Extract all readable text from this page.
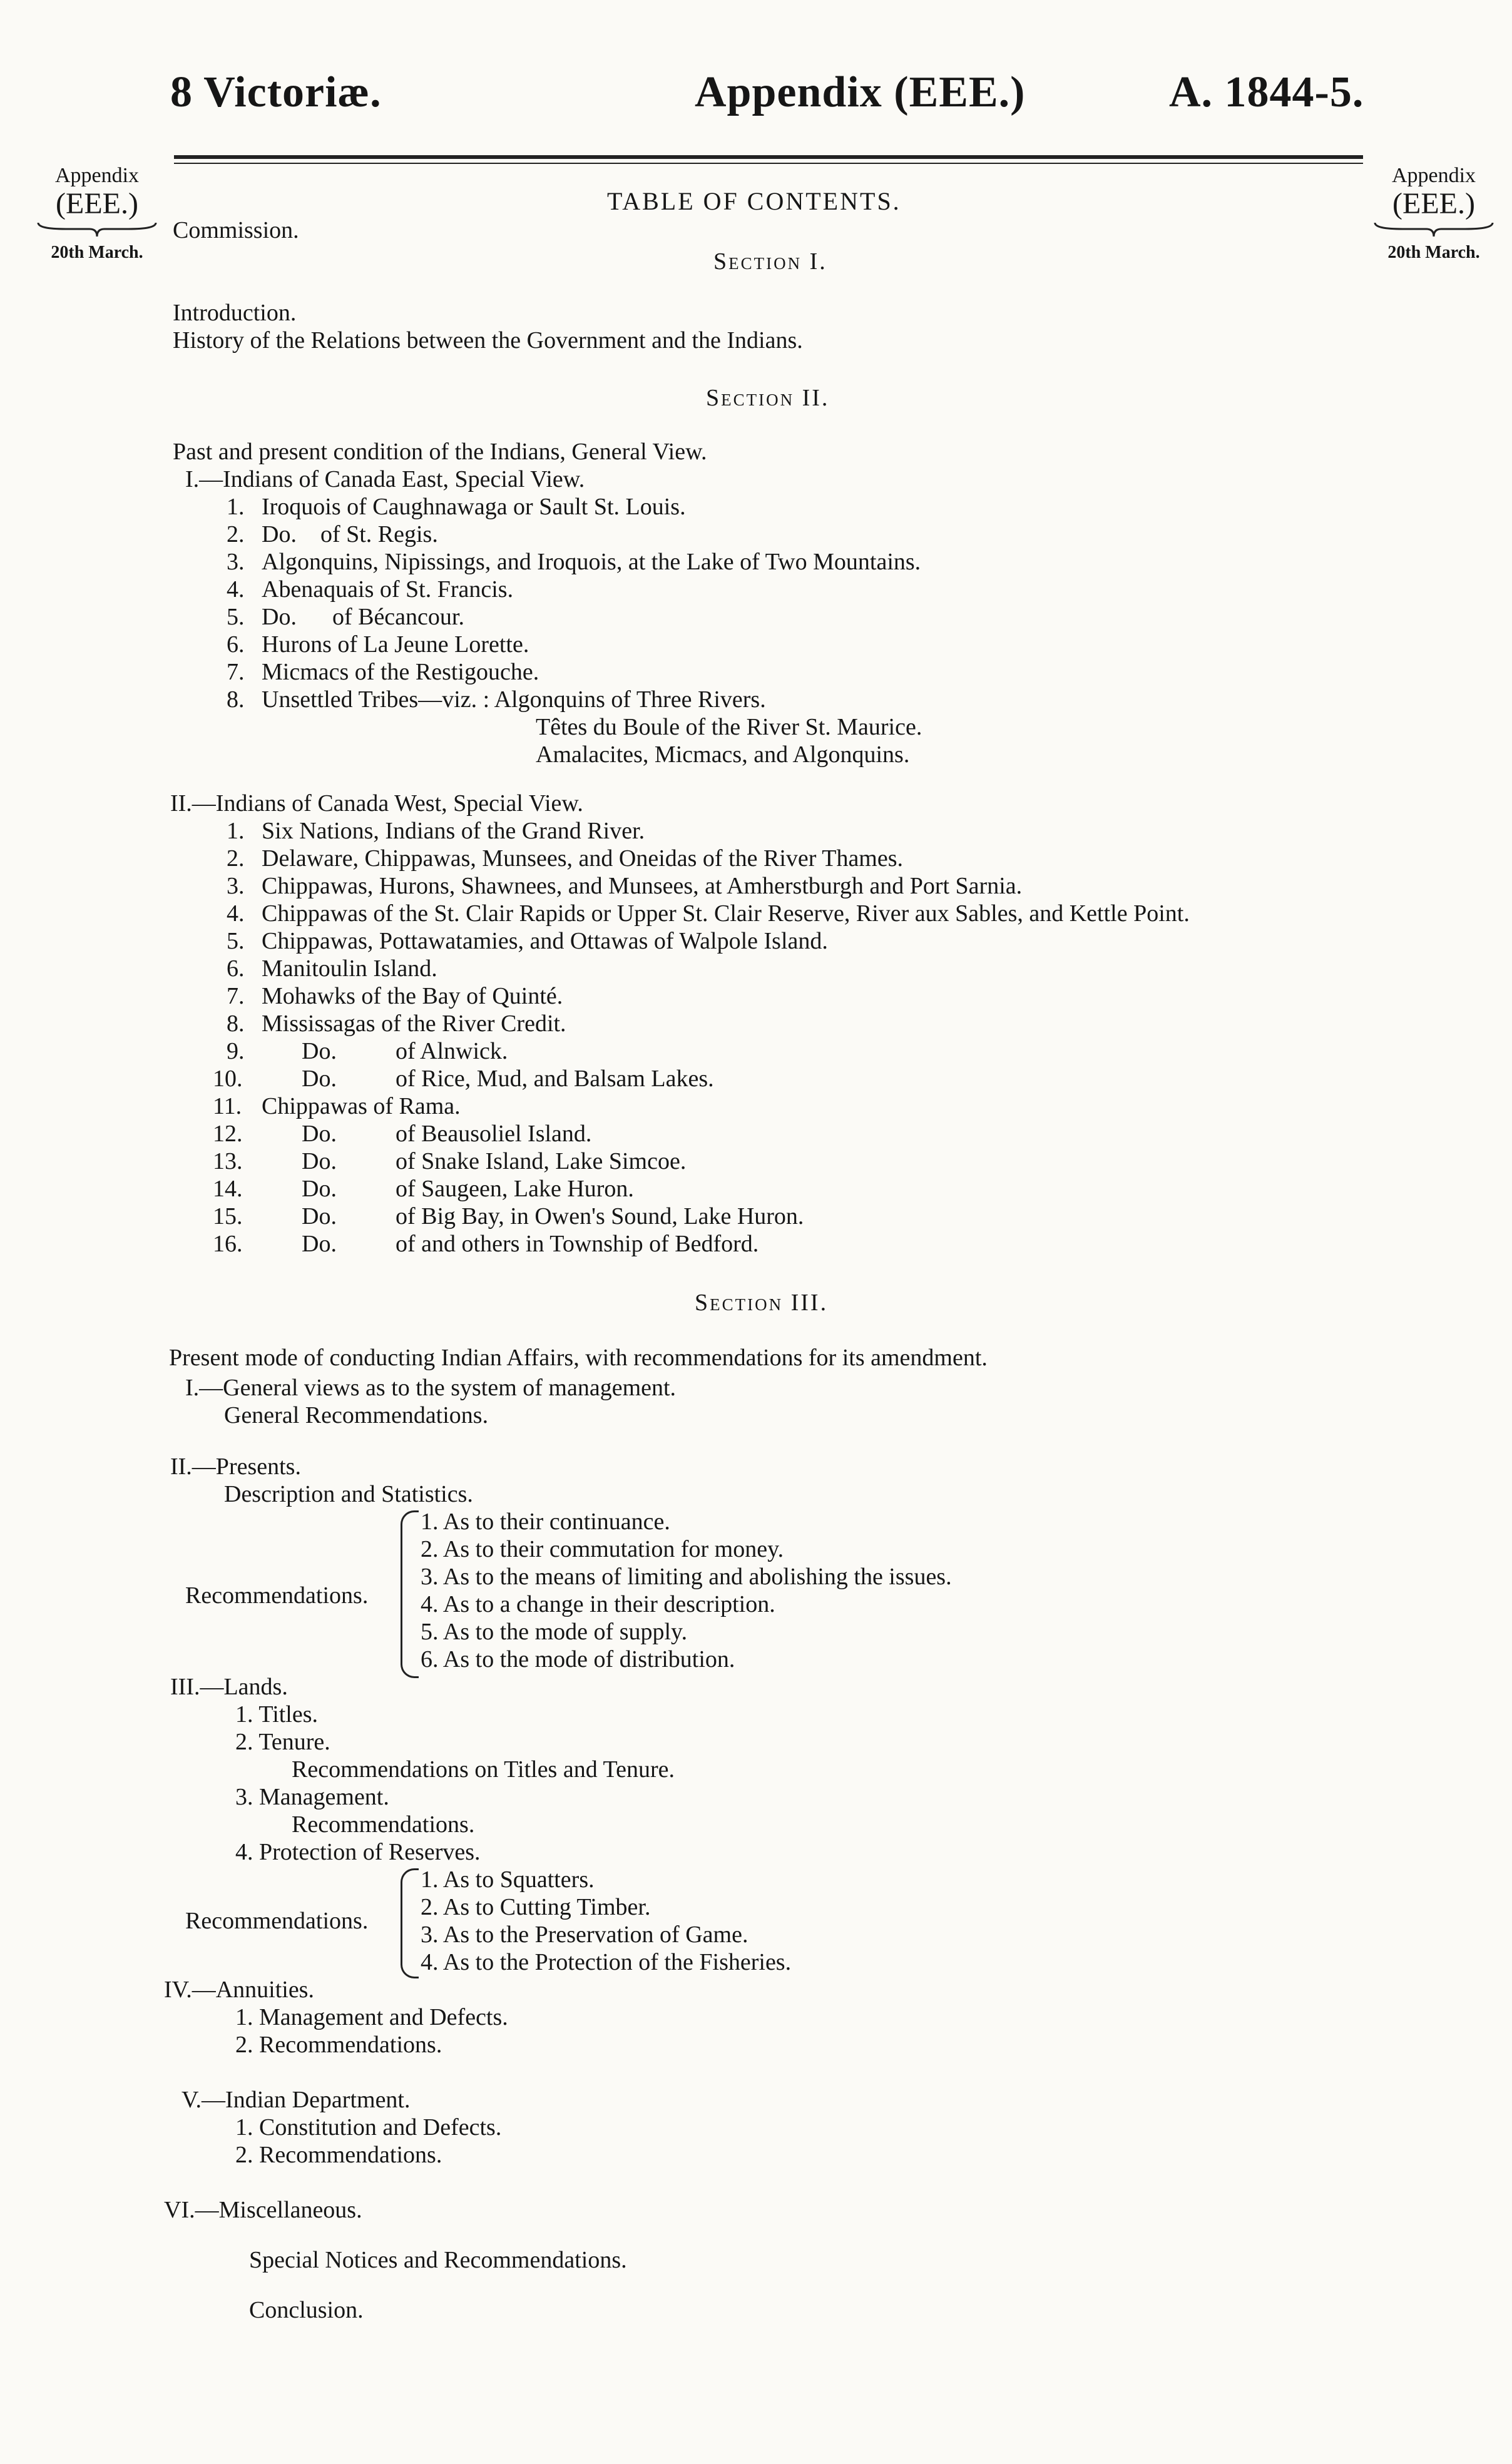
8 Victoriæ.	Appendix (EEE.)	A. 1844-5.
Appendix
(EEE.)
20th March.
Appendix
(EEE.)
20th March.
TABLE OF CONTENTS.
Commission.
Section I.
Introduction.
History of the Relations between the Government and the Indians.
Section II.
Past and present condition of the Indians, General View.
I.—Indians of Canada East, Special View.
1. Iroquois of Caughnawaga or Sault St. Louis.
2. Do.    of St. Regis.
3. Algonquins, Nipissings, and Iroquois, at the Lake of Two Mountains.
4. Abenaquais of St. Francis.
5. Do.      of Bécancour.
6. Hurons of La Jeune Lorette.
7. Micmacs of the Restigouche.
8. Unsettled Tribes—viz. : Algonquins of Three Rivers.
Têtes du Boule of the River St. Maurice.
Amalacites, Micmacs, and Algonquins.
II.—Indians of Canada West, Special View.
1. Six Nations, Indians of the Grand River.
2. Delaware, Chippawas, Munsees, and Oneidas of the River Thames.
3. Chippawas, Hurons, Shawnees, and Munsees, at Amherstburgh and Port Sarnia.
4. Chippawas of the St. Clair Rapids or Upper St. Clair Reserve, River aux Sables, and Kettle Point.
5. Chippawas, Pottawatamies, and Ottawas of Walpole Island.
6. Manitoulin Island.
7. Mohawks of the Bay of Quinté.
8. Mississagas of the River Credit.
9. Do. of Alnwick.
10. Do. of Rice, Mud, and Balsam Lakes.
11. Chippawas of Rama.
12. Do. of Beausoliel Island.
13. Do. of Snake Island, Lake Simcoe.
14. Do. of Saugeen, Lake Huron.
15. Do. of Big Bay, in Owen's Sound, Lake Huron.
16. Do. of and others in Township of Bedford.
Section III.
Present mode of conducting Indian Affairs, with recommendations for its amendment.
I.—General views as to the system of management.
General Recommendations.
II.—Presents.
Description and Statistics.
Recommendations.
1. As to their continuance.
2. As to their commutation for money.
3. As to the means of limiting and abolishing the issues.
4. As to a change in their description.
5. As to the mode of supply.
6. As to the mode of distribution.
III.—Lands.
1. Titles.
2. Tenure.
Recommendations on Titles and Tenure.
3. Management.
Recommendations.
4. Protection of Reserves.
Recommendations.
1. As to Squatters.
2. As to Cutting Timber.
3. As to the Preservation of Game.
4. As to the Protection of the Fisheries.
IV.—Annuities.
1. Management and Defects.
2. Recommendations.
V.—Indian Department.
1. Constitution and Defects.
2. Recommendations.
VI.—Miscellaneous.
Special Notices and Recommendations.
Conclusion.
